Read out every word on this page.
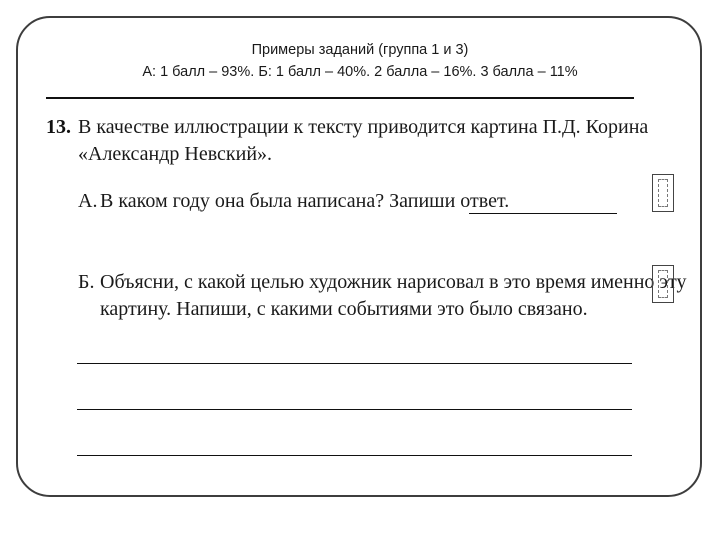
Примеры заданий (группа 1 и 3)
А: 1 балл – 93%. Б: 1 балл – 40%. 2 балла – 16%. 3 балла – 11%
13. В качестве иллюстрации к тексту приводится картина П.Д. Корина
«Александр Невский».
А. В каком году она была написана? Запиши ответ.
Б. Объясни, с какой целью художник нарисовал в это время именно эту
картину. Напиши, с какими событиями это было связано.
